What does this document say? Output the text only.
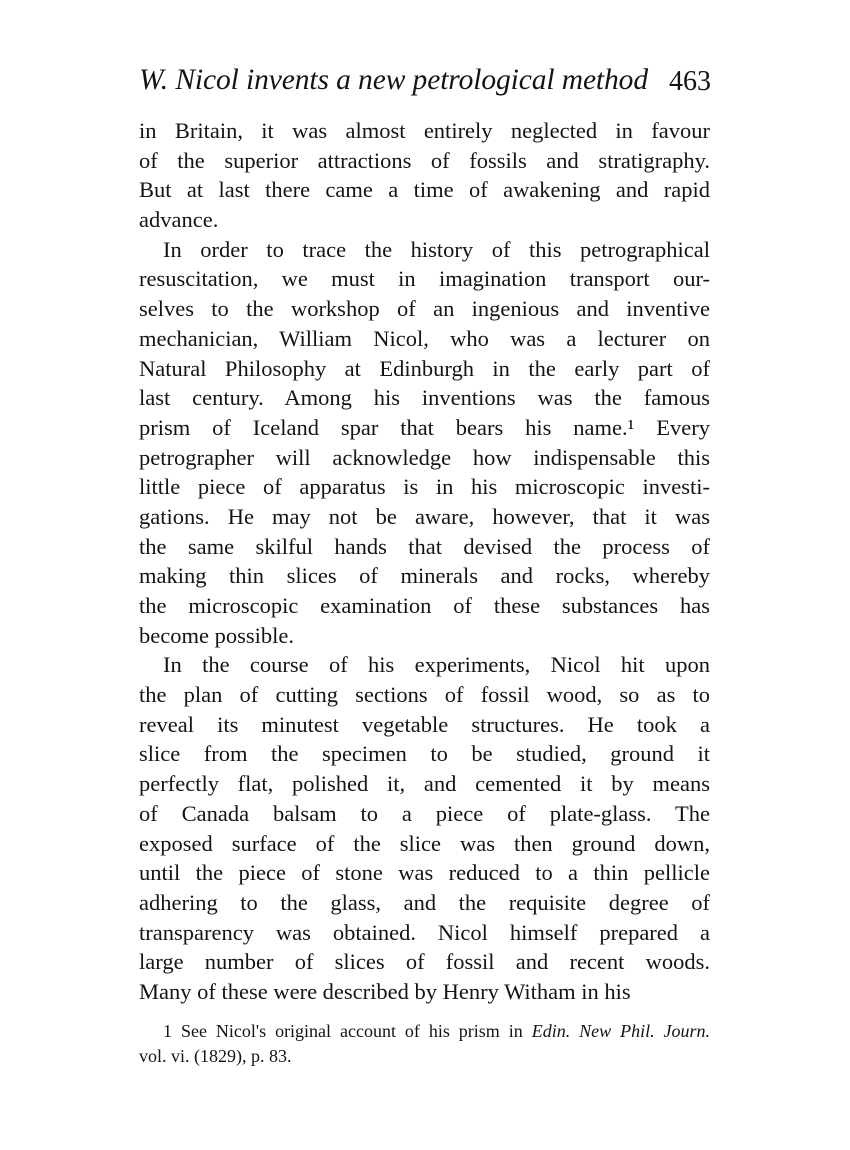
W. Nicol invents a new petrological method 463
in Britain, it was almost entirely neglected in favour
of the superior attractions of fossils and stratigraphy.
But at last there came a time of awakening and rapid
advance.
In order to trace the history of this petrographical
resuscitation, we must in imagination transport our-
selves to the workshop of an ingenious and inventive
mechanician, William Nicol, who was a lecturer on
Natural Philosophy at Edinburgh in the early part of
last century. Among his inventions was the famous
prism of Iceland spar that bears his name.¹ Every
petrographer will acknowledge how indispensable this
little piece of apparatus is in his microscopic investi-
gations. He may not be aware, however, that it was
the same skilful hands that devised the process of
making thin slices of minerals and rocks, whereby
the microscopic examination of these substances has
become possible.
In the course of his experiments, Nicol hit upon
the plan of cutting sections of fossil wood, so as to
reveal its minutest vegetable structures. He took a
slice from the specimen to be studied, ground it
perfectly flat, polished it, and cemented it by means
of Canada balsam to a piece of plate-glass. The
exposed surface of the slice was then ground down,
until the piece of stone was reduced to a thin pellicle
adhering to the glass, and the requisite degree of
transparency was obtained. Nicol himself prepared a
large number of slices of fossil and recent woods.
Many of these were described by Henry Witham in his
1 See Nicol's original account of his prism in Edin. New Phil. Journ.
vol. vi. (1829), p. 83.
